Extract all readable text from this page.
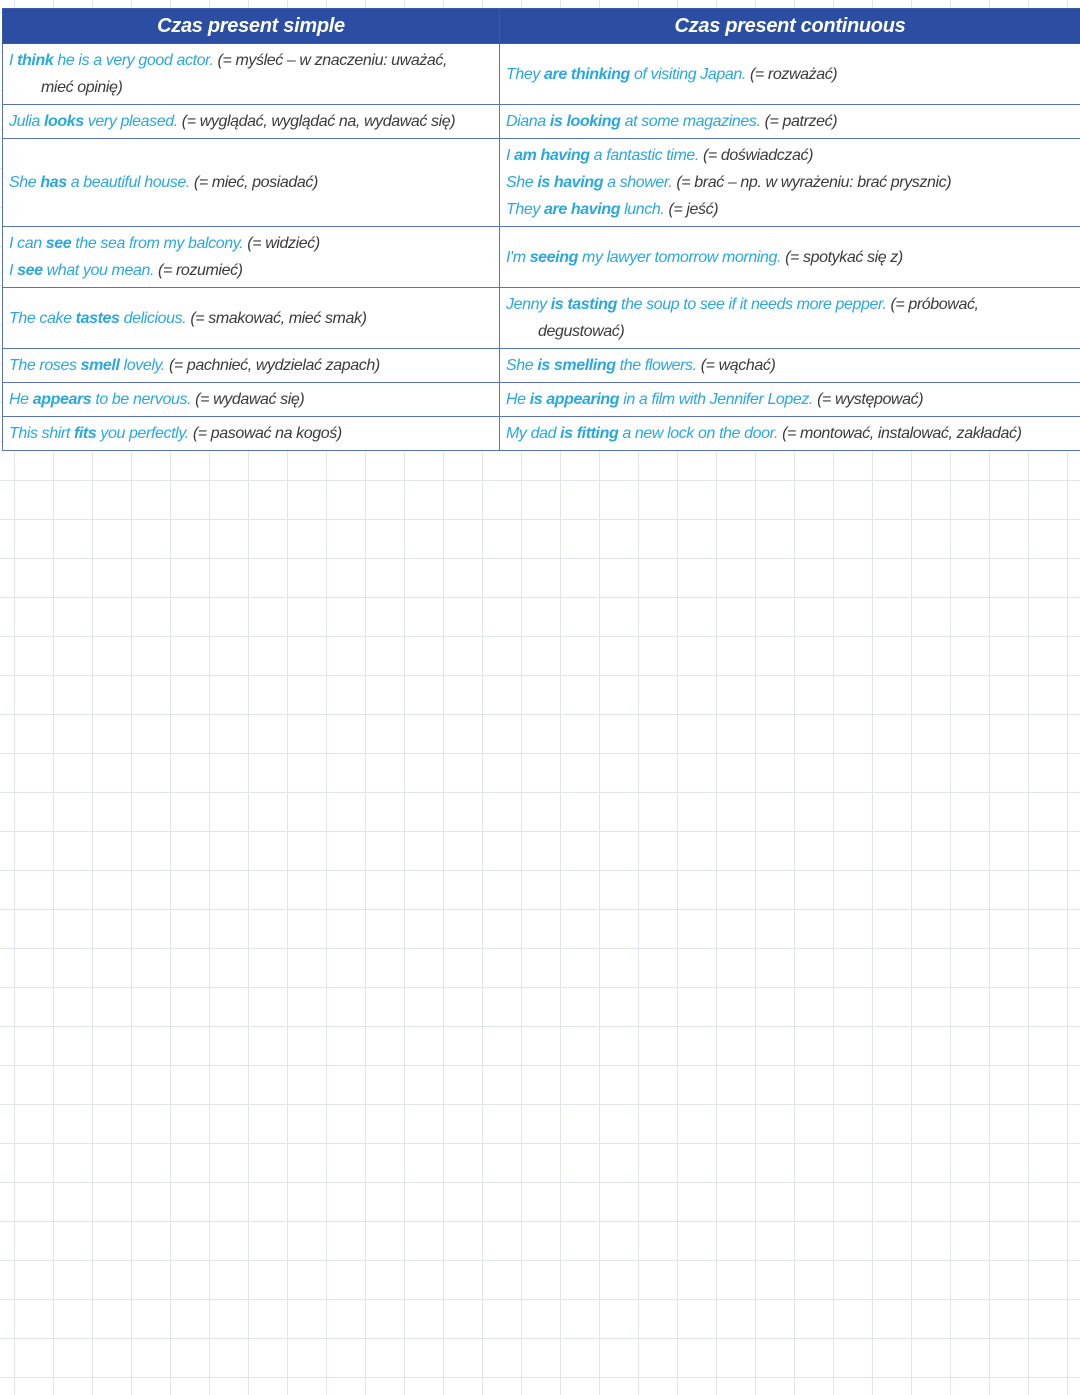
Czas present simple	Czas present continuous

I think he is a very good actor. (= myśleć – w znaczeniu: uważać,
mieć opinię)	They are thinking of visiting Japan. (= rozważać)

Julia looks very pleased. (= wyglądać, wyglądać na, wydawać się)	Diana is looking at some magazines. (= patrzeć)

She has a beautiful house. (= mieć, posiadać)	I am having a fantastic time. (= doświadczać)
She is having a shower. (= brać – np. w wyrażeniu: brać prysznic)
They are having lunch. (= jeść)

I can see the sea from my balcony. (= widzieć)
I see what you mean. (= rozumieć)	I'm seeing my lawyer tomorrow morning. (= spotykać się z)

The cake tastes delicious. (= smakować, mieć smak)	Jenny is tasting the soup to see if it needs more pepper. (= próbować,
degustować)

The roses smell lovely. (= pachnieć, wydzielać zapach)	She is smelling the flowers. (= wąchać)

He appears to be nervous. (= wydawać się)	He is appearing in a film with Jennifer Lopez. (= występować)

This shirt fits you perfectly. (= pasować na kogoś)	My dad is fitting a new lock on the door. (= montować, instalować, zakładać)
